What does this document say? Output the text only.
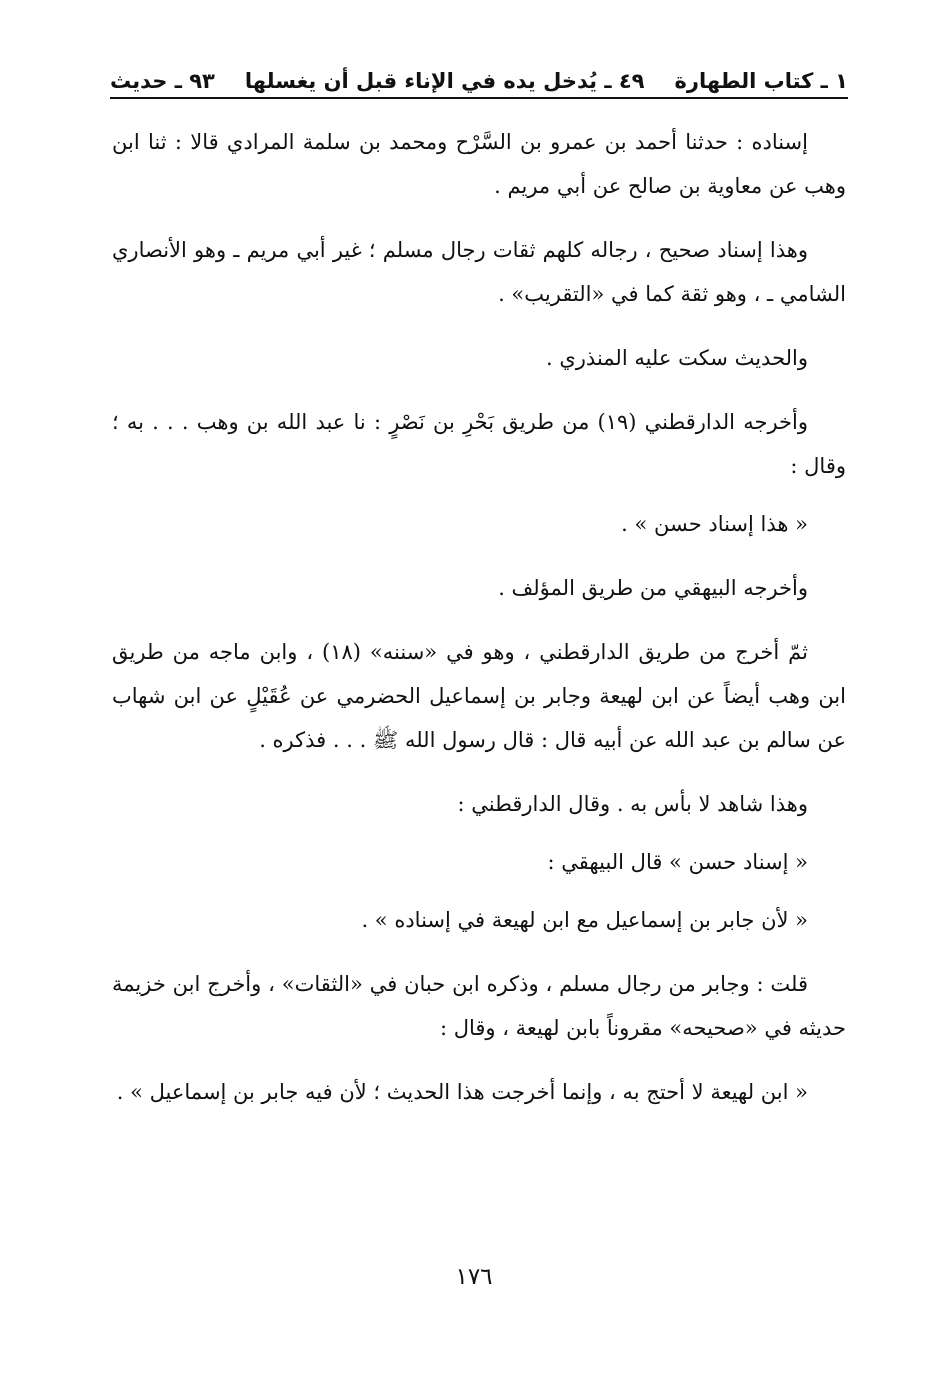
١ ـ كتاب الطهارة
٤٩ ـ يُدخل يده في الإناء قبل أن يغسلها
٩٣ ـ حديث

إسناده : حدثنا أحمد بن عمرو بن السَّرْح ومحمد بن سلمة المرادي قالا : ثنا ابن وهب عن معاوية بن صالح عن أبي مريم .

وهذا إسناد صحيح ، رجاله كلهم ثقات رجال مسلم ؛ غير أبي مريم ـ وهو الأنصاري الشامي ـ ، وهو ثقة كما في «التقريب» .

والحديث سكت عليه المنذري .

وأخرجه الدارقطني (١٩) من طريق بَحْرِ بن نَصْرٍ : نا عبد الله بن وهب . . . به ؛ وقال :

« هذا إسناد حسن » .

وأخرجه البيهقي من طريق المؤلف .

ثمّ أخرج من طريق الدارقطني ، وهو في «سننه» (١٨) ، وابن ماجه من طريق ابن وهب أيضاً عن ابن لهيعة وجابر بن إسماعيل الحضرمي عن عُقَيْلٍ عن ابن شهاب عن سالم بن عبد الله عن أبيه قال : قال رسول الله ﷺ . . . فذكره .

وهذا شاهد لا بأس به . وقال الدارقطني :

« إسناد حسن » قال البيهقي :

« لأن جابر بن إسماعيل مع ابن لهيعة في إسناده » .

قلت : وجابر من رجال مسلم ، وذكره ابن حبان في «الثقات» ، وأخرج ابن خزيمة حديثه في «صحيحه» مقروناً بابن لهيعة ، وقال :

« ابن لهيعة لا أحتج به ، وإنما أخرجت هذا الحديث ؛ لأن فيه جابر بن إسماعيل » .

١٧٦
